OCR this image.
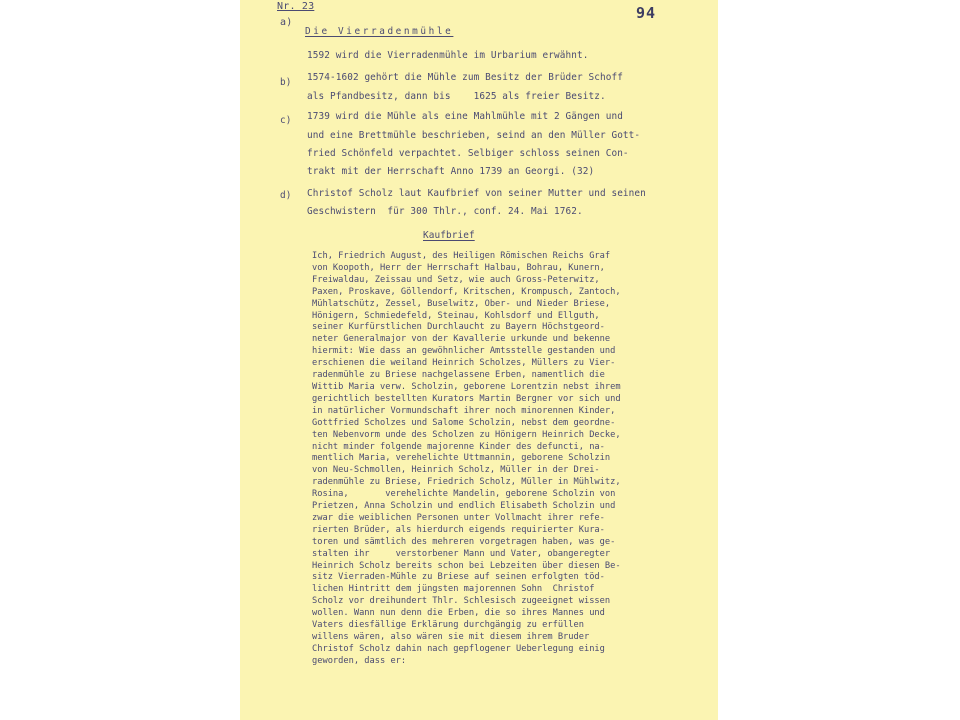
Nr. 23	94
a)
Die Vierradenmühle
1592 wird die Vierradenmühle im Urbarium erwähnt.
b) 1574-1602 gehört die Mühle zum Besitz der Brüder Schoff
als Pfandbesitz, dann bis    1625 als freier Besitz.
c) 1739 wird die Mühle als eine Mahlmühle mit 2 Gängen und
und eine Brettmühle beschrieben, seind an den Müller Gott-
fried Schönfeld verpachtet. Selbiger schloss seinen Con-
trakt mit der Herrschaft Anno 1739 an Georgi. (32)
d) Christof Scholz laut Kaufbrief von seiner Mutter und seinen
Geschwistern  für 300 Thlr., conf. 24. Mai 1762.
Kaufbrief
Ich, Friedrich August, des Heiligen Römischen Reichs Graf
von Koopoth, Herr der Herrschaft Halbau, Bohrau, Kunern,
Freiwaldau, Zeissau und Setz, wie auch Gross-Peterwitz,
Paxen, Proskave, Göllendorf, Kritschen, Krompusch, Zantoch,
Mühlatschütz, Zessel, Buselwitz, Ober- und Nieder Briese,
Hönigern, Schmiedefeld, Steinau, Kohlsdorf und Ellguth,
seiner Kurfürstlichen Durchlaucht zu Bayern Höchstgeord-
neter Generalmajor von der Kavallerie urkunde und bekenne
hiermit: Wie dass an gewöhnlicher Amtsstelle gestanden und
erschienen die weiland Heinrich Scholzes, Müllers zu Vier-
radenmühle zu Briese nachgelassene Erben, namentlich die
Wittib Maria verw. Scholzin, geborene Lorentzin nebst ihrem
gerichtlich bestellten Kurators Martin Bergner vor sich und
in natürlicher Vormundschaft ihrer noch minorennen Kinder,
Gottfried Scholzes und Salome Scholzin, nebst dem geordne-
ten Nebenvorm unde des Scholzen zu Hönigern Heinrich Decke,
nicht minder folgende majorenne Kinder des defuncti, na-
mentlich Maria, verehelichte Uttmannin, geborene Scholzin
von Neu-Schmollen, Heinrich Scholz, Müller in der Drei-
radenmühle zu Briese, Friedrich Scholz, Müller in Mühlwitz,
Rosina,       verehelichte Mandelin, geborene Scholzin von
Prietzen, Anna Scholzin und endlich Elisabeth Scholzin und
zwar die weiblichen Personen unter Vollmacht ihrer refe-
rierten Brüder, als hierdurch eigends requirierter Kura-
toren und sämtlich des mehreren vorgetragen haben, was ge-
stalten ihr     verstorbener Mann und Vater, obangeregter
Heinrich Scholz bereits schon bei Lebzeiten über diesen Be-
sitz Vierraden-Mühle zu Briese auf seinen erfolgten töd-
lichen Hintritt dem jüngsten majorennen Sohn  Christof
Scholz vor dreihundert Thlr. Schlesisch zugeeignet wissen
wollen. Wann nun denn die Erben, die so ihres Mannes und
Vaters diesfällige Erklärung durchgängig zu erfüllen
willens wären, also wären sie mit diesem ihrem Bruder
Christof Scholz dahin nach gepflogener Ueberlegung einig
geworden, dass er:
